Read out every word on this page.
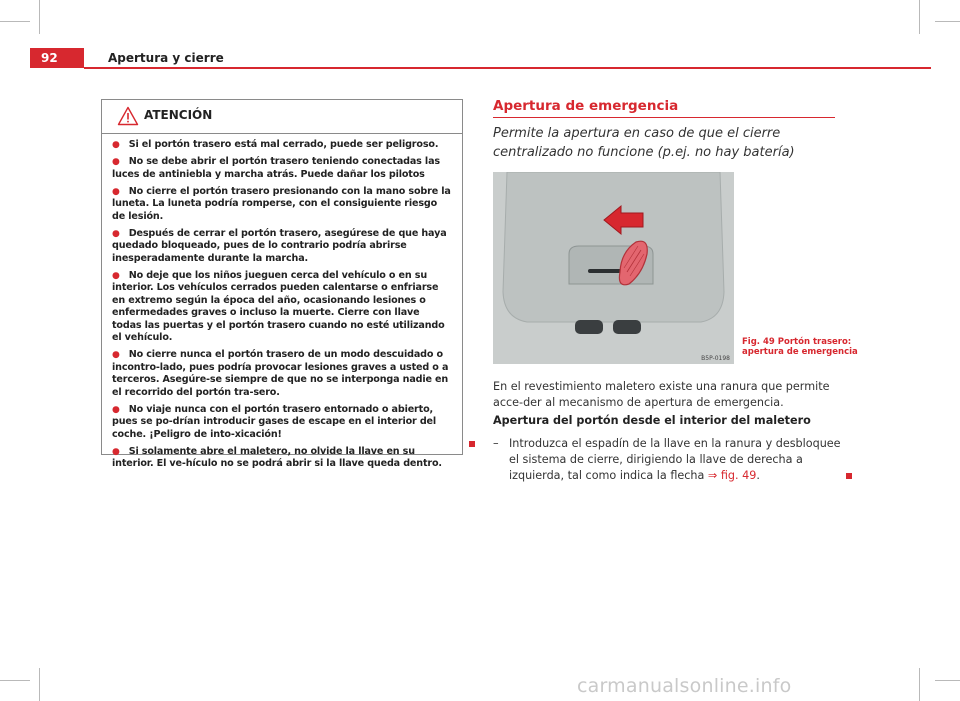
92	Apertura y cierre
ATENCIÓN
● Si el portón trasero está mal cerrado, puede ser peligroso.
● No se debe abrir el portón trasero teniendo conectadas las luces de antiniebla y marcha atrás. Puede dañar los pilotos
● No cierre el portón trasero presionando con la mano sobre la luneta. La luneta podría romperse, con el consiguiente riesgo de lesión.
● Después de cerrar el portón trasero, asegúrese de que haya quedado bloqueado, pues de lo contrario podría abrirse inesperadamente durante la marcha.
● No deje que los niños jueguen cerca del vehículo o en su interior. Los vehículos cerrados pueden calentarse o enfriarse en extremo según la época del año, ocasionando lesiones o enfermedades graves o incluso la muerte. Cierre con llave todas las puertas y el portón trasero cuando no esté utilizando el vehículo.
● No cierre nunca el portón trasero de un modo descuidado o incontro-lado, pues podría provocar lesiones graves a usted o a terceros. Asegúre-se siempre de que no se interponga nadie en el recorrido del portón tra-sero.
● No viaje nunca con el portón trasero entornado o abierto, pues se po-drían introducir gases de escape en el interior del coche. ¡Peligro de into-xicación!
● Si solamente abre el maletero, no olvide la llave en su interior. El ve-hículo no se podrá abrir si la llave queda dentro.
Apertura de emergencia
Permite la apertura en caso de que el cierre centralizado no funcione (p.ej. no hay batería)
B5P-0198
Fig. 49 Portón trasero:
apertura de emergencia
En el revestimiento maletero existe una ranura que permite acce-der al mecanismo de apertura de emergencia.
Apertura del portón desde el interior del maletero
– Introduzca el espadín de la llave en la ranura y desbloquee el sistema de cierre, dirigiendo la llave de derecha a izquierda, tal como indica la flecha ⇒ fig. 49.
carmanualsonline.info
